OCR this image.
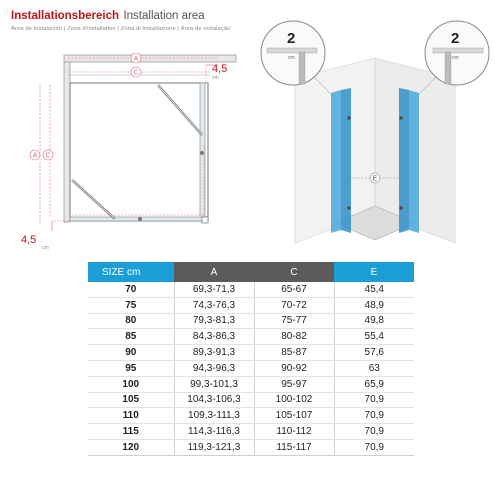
Installationsbereich Installation area
Área de instalación | Zone d'installation | Zona di installazione | Área de instalação
A
C
A C
4,5
cm
4,5
cm
E
2
cm
2
cm
SIZE cm	A	C	E
70	69,3-71,3	65-67	45,4
75	74,3-76,3	70-72	48,9
80	79,3-81,3	75-77	49,8
85	84,3-86,3	80-82	55,4
90	89,3-91,3	85-87	57,6
95	94,3-96,3	90-92	63
100	99,3-101,3	95-97	65,9
105	104,3-106,3	100-102	70,9
110	109,3-111,3	105-107	70,9
115	114,3-116,3	110-112	70,9
120	119,3-121,3	115-117	70,9
